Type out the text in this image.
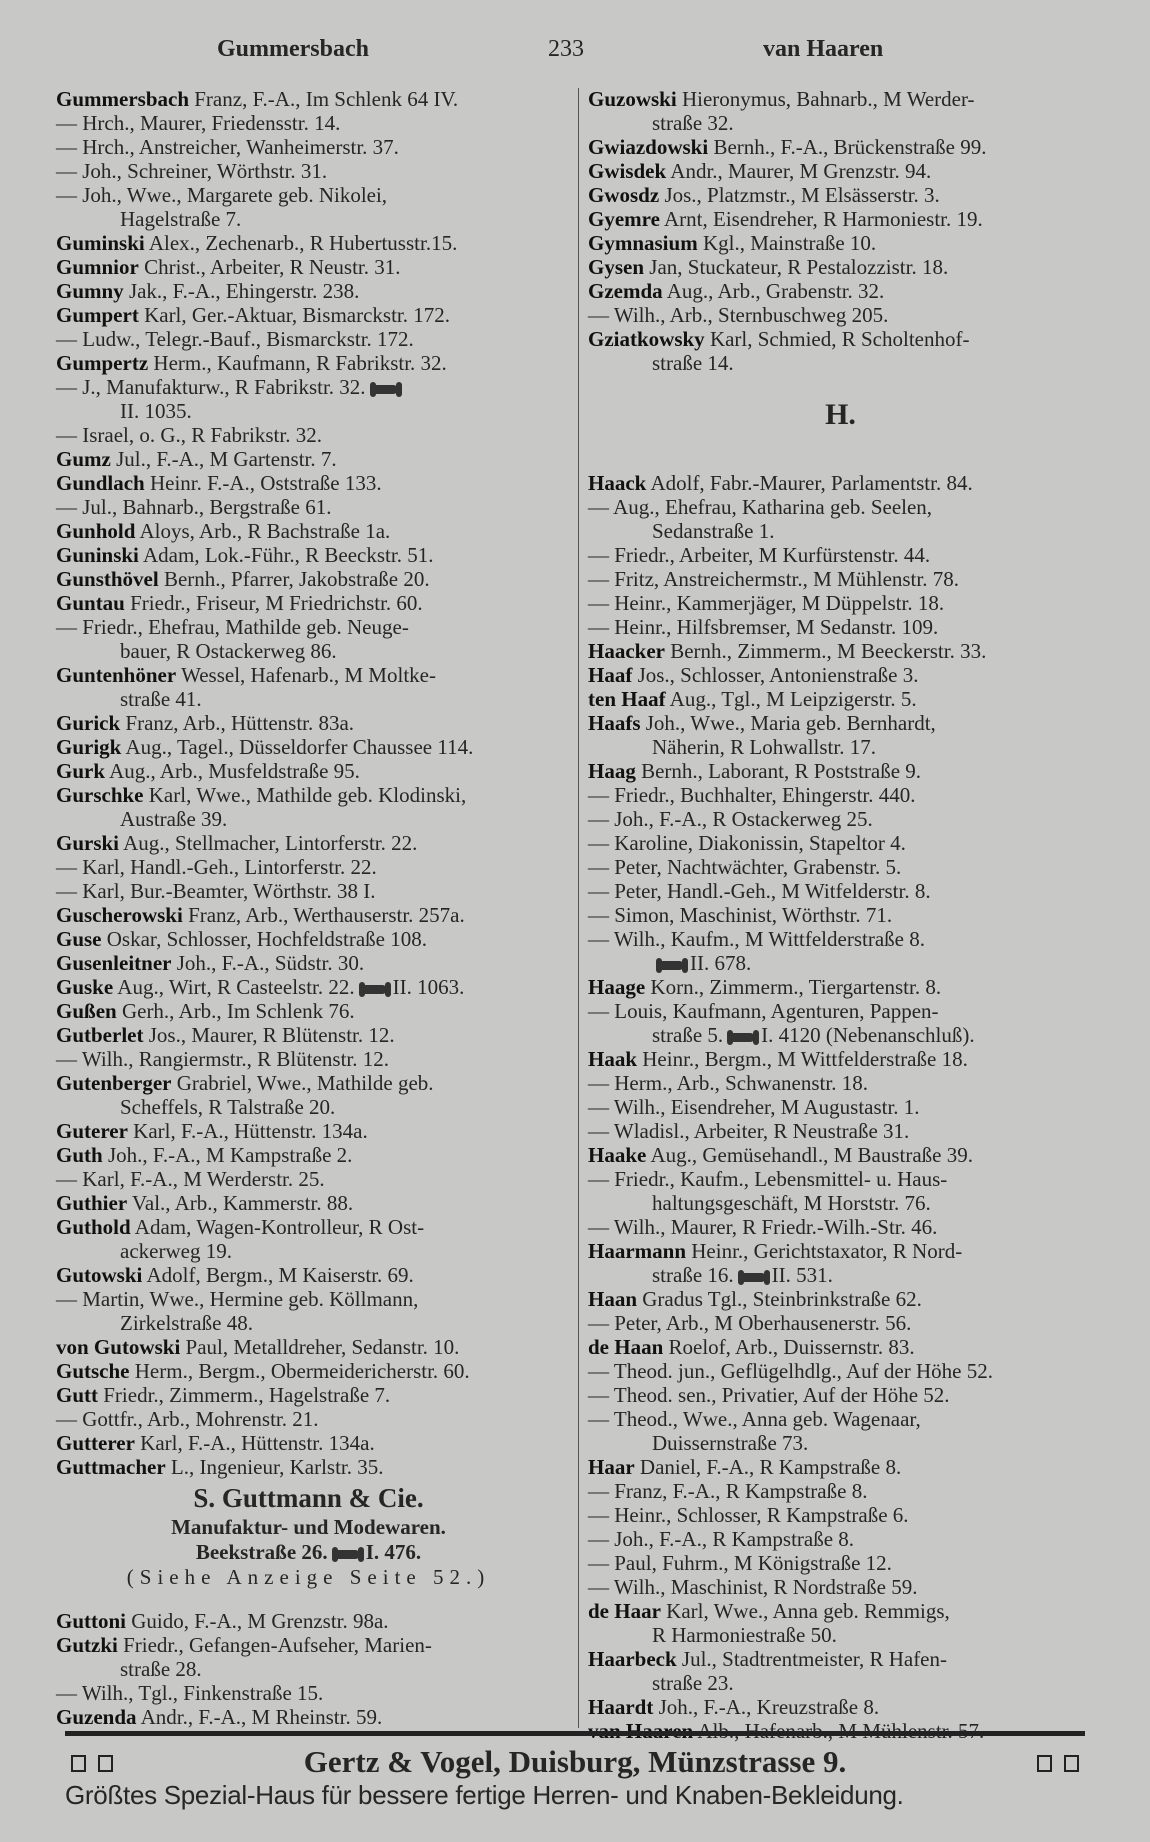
Gummersbach	233	van Haaren
Gummersbach Franz, F.-A., Im Schlenk 64 IV.
— Hrch., Maurer, Friedensstr. 14.
— Hrch., Anstreicher, Wanheimerstr. 37.
— Joh., Schreiner, Wörthstr. 31.
— Joh., Wwe., Margarete geb. Nikolei,
Hagelstraße 7.
Guminski Alex., Zechenarb., R Hubertusstr.15.
Gumnior Christ., Arbeiter, R Neustr. 31.
Gumny Jak., F.-A., Ehingerstr. 238.
Gumpert Karl, Ger.-Aktuar, Bismarckstr. 172.
— Ludw., Telegr.-Bauf., Bismarckstr. 172.
Gumpertz Herm., Kaufmann, R Fabrikstr. 32.
— J., Manufakturw., R Fabrikstr. 32.
II. 1035.
— Israel, o. G., R Fabrikstr. 32.
Gumz Jul., F.-A., M Gartenstr. 7.
Gundlach Heinr. F.-A., Oststraße 133.
— Jul., Bahnarb., Bergstraße 61.
Gunhold Aloys, Arb., R Bachstraße 1a.
Guninski Adam, Lok.-Führ., R Beeckstr. 51.
Gunsthövel Bernh., Pfarrer, Jakobstraße 20.
Guntau Friedr., Friseur, M Friedrichstr. 60.
— Friedr., Ehefrau, Mathilde geb. Neuge-
bauer, R Ostackerweg 86.
Guntenhöner Wessel, Hafenarb., M Moltke-
straße 41.
Gurick Franz, Arb., Hüttenstr. 83a.
Gurigk Aug., Tagel., Düsseldorfer Chaussee 114.
Gurk Aug., Arb., Musfeldstraße 95.
Gurschke Karl, Wwe., Mathilde geb. Klodinski,
Austraße 39.
Gurski Aug., Stellmacher, Lintorferstr. 22.
— Karl, Handl.-Geh., Lintorferstr. 22.
— Karl, Bur.-Beamter, Wörthstr. 38 I.
Guscherowski Franz, Arb., Werthauserstr. 257a.
Guse Oskar, Schlosser, Hochfeldstraße 108.
Gusenleitner Joh., F.-A., Südstr. 30.
Guske Aug., Wirt, R Casteelstr. 22. II. 1063.
Gußen Gerh., Arb., Im Schlenk 76.
Gutberlet Jos., Maurer, R Blütenstr. 12.
— Wilh., Rangiermstr., R Blütenstr. 12.
Gutenberger Grabriel, Wwe., Mathilde geb.
Scheffels, R Talstraße 20.
Guterer Karl, F.-A., Hüttenstr. 134a.
Guth Joh., F.-A., M Kampstraße 2.
— Karl, F.-A., M Werderstr. 25.
Guthier Val., Arb., Kammerstr. 88.
Guthold Adam, Wagen-Kontrolleur, R Ost-
ackerweg 19.
Gutowski Adolf, Bergm., M Kaiserstr. 69.
— Martin, Wwe., Hermine geb. Köllmann,
Zirkelstraße 48.
von Gutowski Paul, Metalldreher, Sedanstr. 10.
Gutsche Herm., Bergm., Obermeidericherstr. 60.
Gutt Friedr., Zimmerm., Hagelstraße 7.
— Gottfr., Arb., Mohrenstr. 21.
Gutterer Karl, F.-A., Hüttenstr. 134a.
Guttmacher L., Ingenieur, Karlstr. 35.
S. Guttmann & Cie.
Manufaktur- und Modewaren.
Beekstraße 26. I. 476.
(Siehe Anzeige Seite 52.)
Guttoni Guido, F.-A., M Grenzstr. 98a.
Gutzki Friedr., Gefangen-Aufseher, Marien-
straße 28.
— Wilh., Tgl., Finkenstraße 15.
Guzenda Andr., F.-A., M Rheinstr. 59.
Guzowski Hieronymus, Bahnarb., M Werder-
straße 32.
Gwiazdowski Bernh., F.-A., Brückenstraße 99.
Gwisdek Andr., Maurer, M Grenzstr. 94.
Gwosdz Jos., Platzmstr., M Elsässerstr. 3.
Gyemre Arnt, Eisendreher, R Harmoniestr. 19.
Gymnasium Kgl., Mainstraße 10.
Gysen Jan, Stuckateur, R Pestalozzistr. 18.
Gzemda Aug., Arb., Grabenstr. 32.
— Wilh., Arb., Sternbuschweg 205.
Gziatkowsky Karl, Schmied, R Scholtenhof-
straße 14.
H.
Haack Adolf, Fabr.-Maurer, Parlamentstr. 84.
— Aug., Ehefrau, Katharina geb. Seelen,
Sedanstraße 1.
— Friedr., Arbeiter, M Kurfürstenstr. 44.
— Fritz, Anstreichermstr., M Mühlenstr. 78.
— Heinr., Kammerjäger, M Düppelstr. 18.
— Heinr., Hilfsbremser, M Sedanstr. 109.
Haacker Bernh., Zimmerm., M Beeckerstr. 33.
Haaf Jos., Schlosser, Antonienstraße 3.
ten Haaf Aug., Tgl., M Leipzigerstr. 5.
Haafs Joh., Wwe., Maria geb. Bernhardt,
Näherin, R Lohwallstr. 17.
Haag Bernh., Laborant, R Poststraße 9.
— Friedr., Buchhalter, Ehingerstr. 440.
— Joh., F.-A., R Ostackerweg 25.
— Karoline, Diakonissin, Stapeltor 4.
— Peter, Nachtwächter, Grabenstr. 5.
— Peter, Handl.-Geh., M Witfelderstr. 8.
— Simon, Maschinist, Wörthstr. 71.
— Wilh., Kaufm., M Wittfelderstraße 8.
II. 678.
Haage Korn., Zimmerm., Tiergartenstr. 8.
— Louis, Kaufmann, Agenturen, Pappen-
straße 5. I. 4120 (Nebenanschluß).
Haak Heinr., Bergm., M Wittfelderstraße 18.
— Herm., Arb., Schwanenstr. 18.
— Wilh., Eisendreher, M Augustastr. 1.
— Wladisl., Arbeiter, R Neustraße 31.
Haake Aug., Gemüsehandl., M Baustraße 39.
— Friedr., Kaufm., Lebensmittel- u. Haus-
haltungsgeschäft, M Horststr. 76.
— Wilh., Maurer, R Friedr.-Wilh.-Str. 46.
Haarmann Heinr., Gerichtstaxator, R Nord-
straße 16. II. 531.
Haan Gradus Tgl., Steinbrinkstraße 62.
— Peter, Arb., M Oberhausenerstr. 56.
de Haan Roelof, Arb., Duissernstr. 83.
— Theod. jun., Geflügelhdlg., Auf der Höhe 52.
— Theod. sen., Privatier, Auf der Höhe 52.
— Theod., Wwe., Anna geb. Wagenaar,
Duissernstraße 73.
Haar Daniel, F.-A., R Kampstraße 8.
— Franz, F.-A., R Kampstraße 8.
— Heinr., Schlosser, R Kampstraße 6.
— Joh., F.-A., R Kampstraße 8.
— Paul, Fuhrm., M Königstraße 12.
— Wilh., Maschinist, R Nordstraße 59.
de Haar Karl, Wwe., Anna geb. Remmigs,
R Harmoniestraße 50.
Haarbeck Jul., Stadtrentmeister, R Hafen-
straße 23.
Haardt Joh., F.-A., Kreuzstraße 8.
Gertz & Vogel, Duisburg, Münzstrasse 9.
Größtes Spezial-Haus für bessere fertige Herren- und Knaben-Bekleidung.
